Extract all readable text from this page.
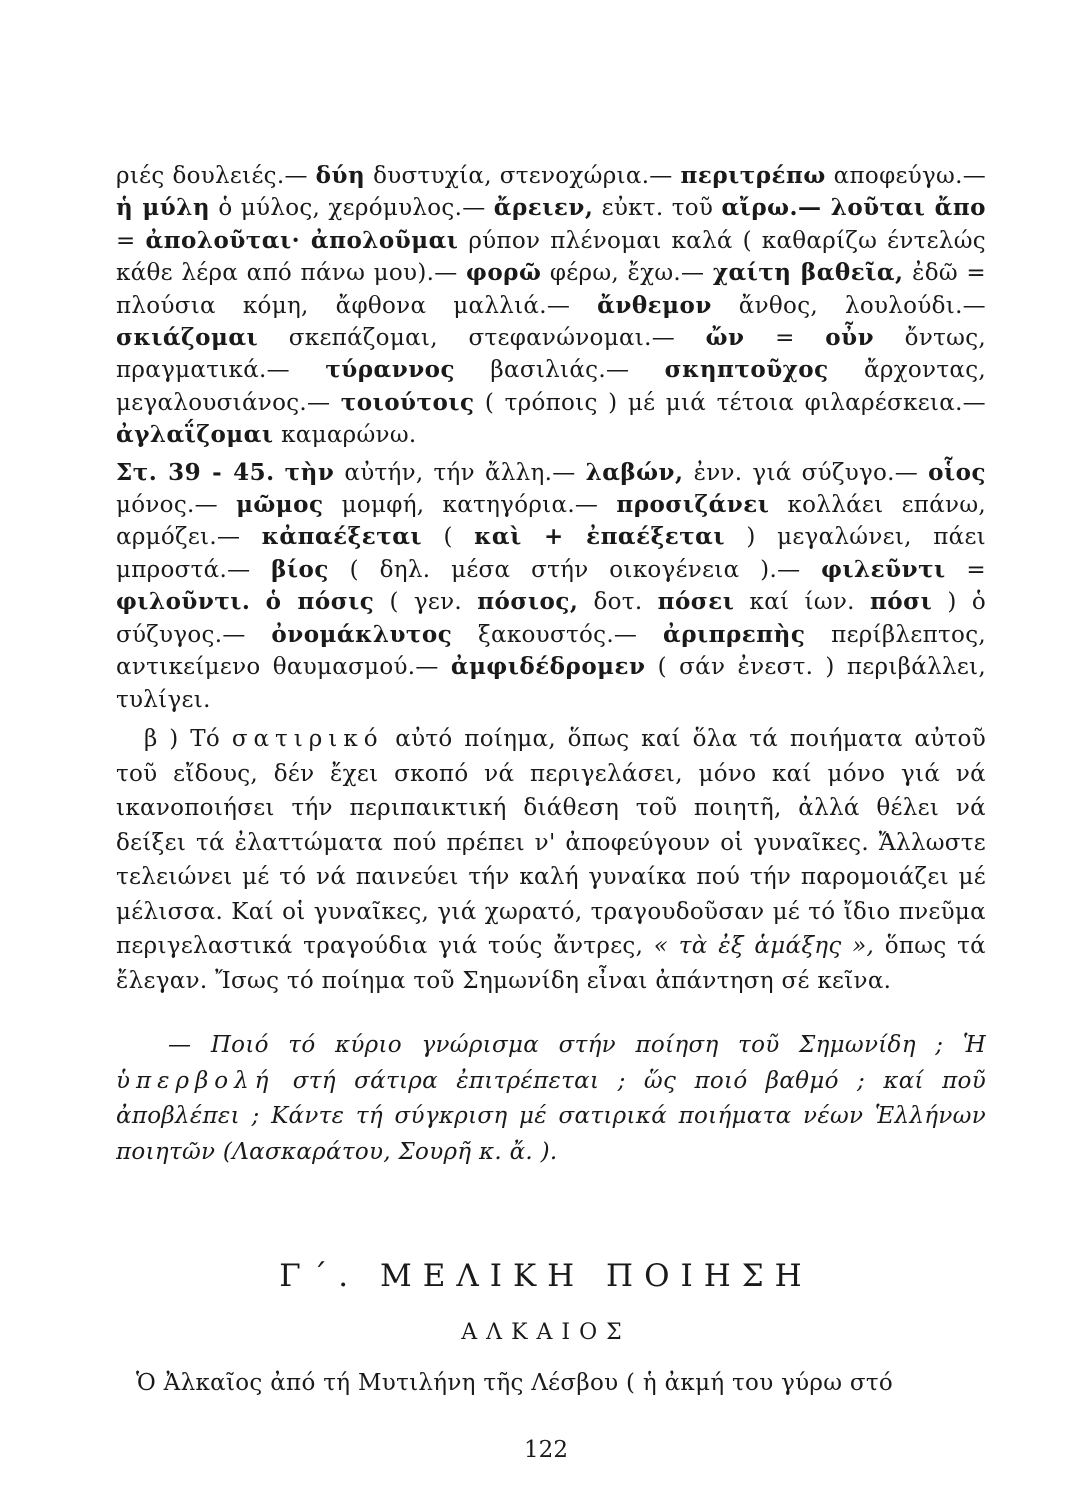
ριές δουλειές.— δύη δυστυχία, στενοχώρια.— περιτρέπω αποφεύγω.— ἡ μύλη ὁ μύλος, χερόμυλος.— ἄρειεν, εὐκτ. τοῦ αἴρω.— λοῦται ἄπο = ἀπολοῦται· ἀπολοῦμαι ρύπον πλένομαι καλά ( καθαρίζω έντελώς κάθε λέρα από πάνω μου).— φορῶ φέρω, ἔχω.— χαίτη βαθεῖα, ἐδῶ = πλούσια κόμη, ἄφθονα μαλλιά.— ἄνθεμον ἄνθος, λουλούδι.— σκιάζομαι σκεπάζομαι, στεφανώνομαι.— ὤν = οὖν ὄντως, πραγματικά.— τύραννος βασιλιάς.— σκηπτοῦχος ἄρχοντας, μεγαλουσιάνος.— τοιούτοις ( τρόποις ) μέ μιά τέτοια φιλαρέσκεια.— ἀγλαΐζομαι καμαρώνω.

Στ. 39 - 45. τὴν αὐτήν, τήν ἄλλη.— λαβών, ἐνν. γιά σύζυγο.— οἷος μόνος.— μῶμος μομφή, κατηγόρια.— προσιζάνει κολλάει επάνω, αρμόζει.— κἀπαέξεται ( καὶ + ἐπαέξεται ) μεγαλώνει, πάει μπροστά.— βίος ( δηλ. μέσα στήν οικογένεια ).— φιλεῦντι = φιλοῦντι. ὁ πόσις ( γεν. πόσιος, δοτ. πόσει καί ίων. πόσι ) ὁ σύζυγος.— ὀνομάκλυτος ξακουστός.— ἀριπρεπὴς περίβλεπτος, αντικείμενο θαυμασμού.— ἀμφιδέδρομεν ( σάν ἐνεστ. ) περιβάλλει, τυλίγει.

β ) Τό σατιρικό αὐτό ποίημα, ὅπως καί ὅλα τά ποιήματα αὐτοῦ τοῦ εἴδους, δέν ἔχει σκοπό νά περιγελάσει, μόνο καί μόνο γιά νά ικανοποιήσει τήν περιπαικτική διάθεση τοῦ ποιητῆ, ἀλλά θέλει νά δείξει τά ἐλαττώματα πού πρέπει ν' ἀποφεύγουν οἱ γυναῖκες. Ἄλλωστε τελειώνει μέ τό νά παινεύει τήν καλή γυναίκα πού τήν παρομοιάζει μέ μέλισσα. Καί οἱ γυναῖκες, γιά χωρατό, τραγουδοῦσαν μέ τό ἴδιο πνεῦμα περιγελαστικά τραγούδια γιά τούς ἄντρες, « τὰ ἐξ ἁμάξης », ὅπως τά ἔλεγαν. Ἴσως τό ποίημα τοῦ Σημωνίδη εἶναι ἀπάντηση σέ κεῖνα.

— Ποιό τό κύριο γνώρισμα στήν ποίηση τοῦ Σημωνίδη ; Ἡ ὑπερβολή στή σάτιρα ἐπιτρέπεται ; ὥς ποιό βαθμό ; καί ποῦ ἀποβλέπει ; Κάντε τή σύγκριση μέ σατιρικά ποιήματα νέων Ἑλλήνων ποιητῶν (Λασκαράτου, Σουρῆ κ. ἄ. ).

Γ΄. ΜΕΛΙΚΗ ΠΟΙΗΣΗ
ΑΛΚΑΙΟΣ

Ὁ Ἀλκαῖος ἀπό τή Μυτιλήνη τῆς Λέσβου ( ἡ ἀκμή του γύρω στό

122
